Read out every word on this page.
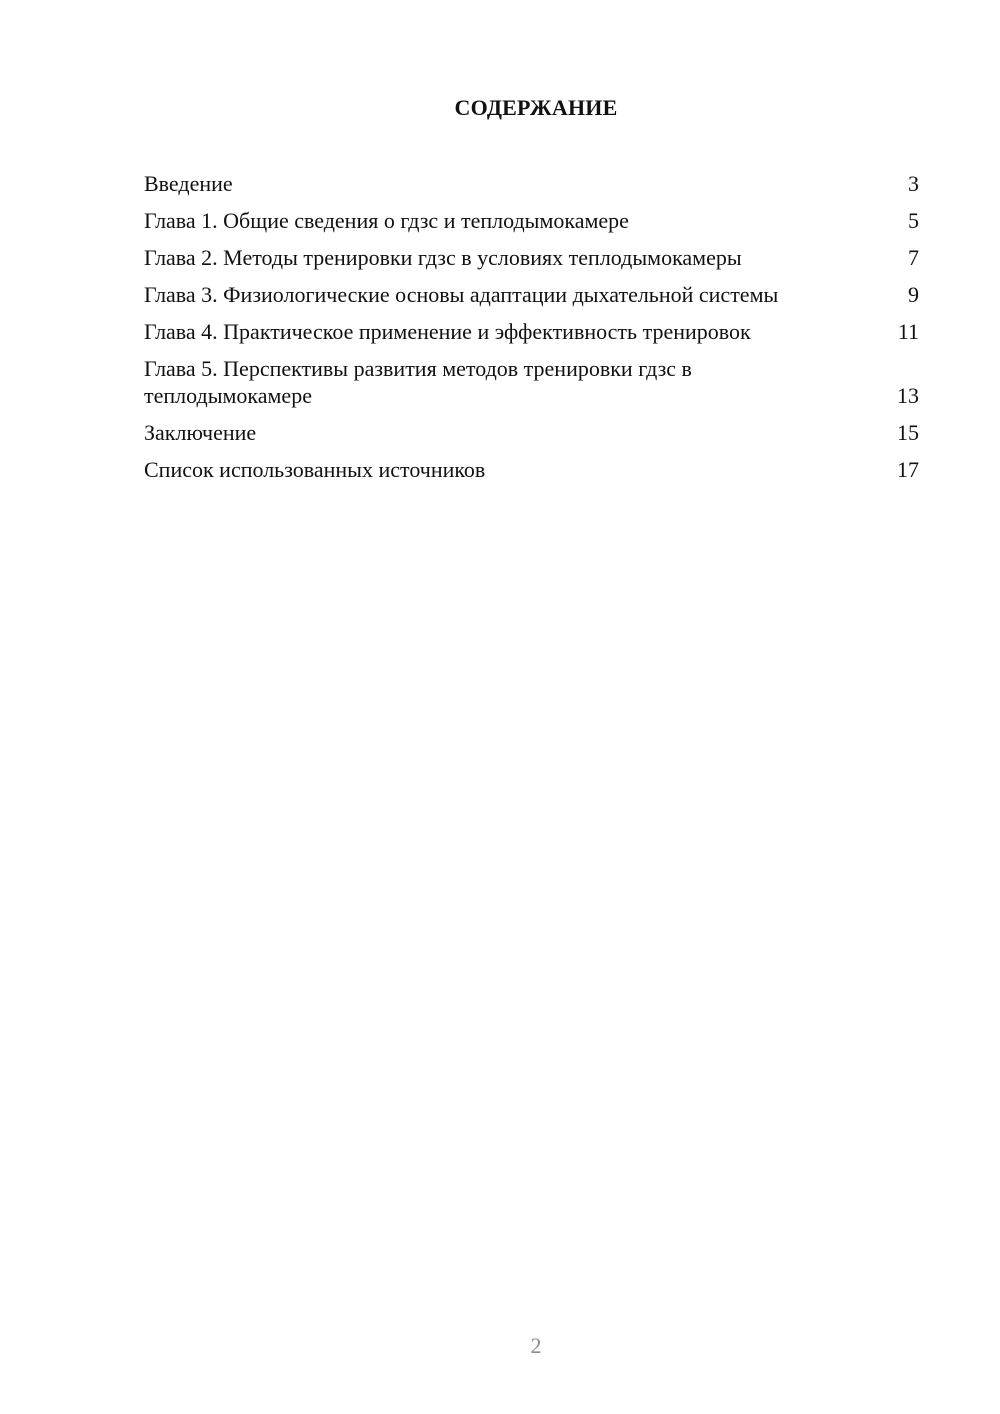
СОДЕРЖАНИЕ
Введение	3
Глава 1. Общие сведения о гдзс и теплодымокамере	5
Глава 2. Методы тренировки гдзс в условиях теплодымокамеры	7
Глава 3. Физиологические основы адаптации дыхательной системы	9
Глава 4. Практическое применение и эффективность тренировок	11
Глава 5. Перспективы развития методов тренировки гдзс в теплодымокамере	13
Заключение	15
Список использованных источников	17
2
